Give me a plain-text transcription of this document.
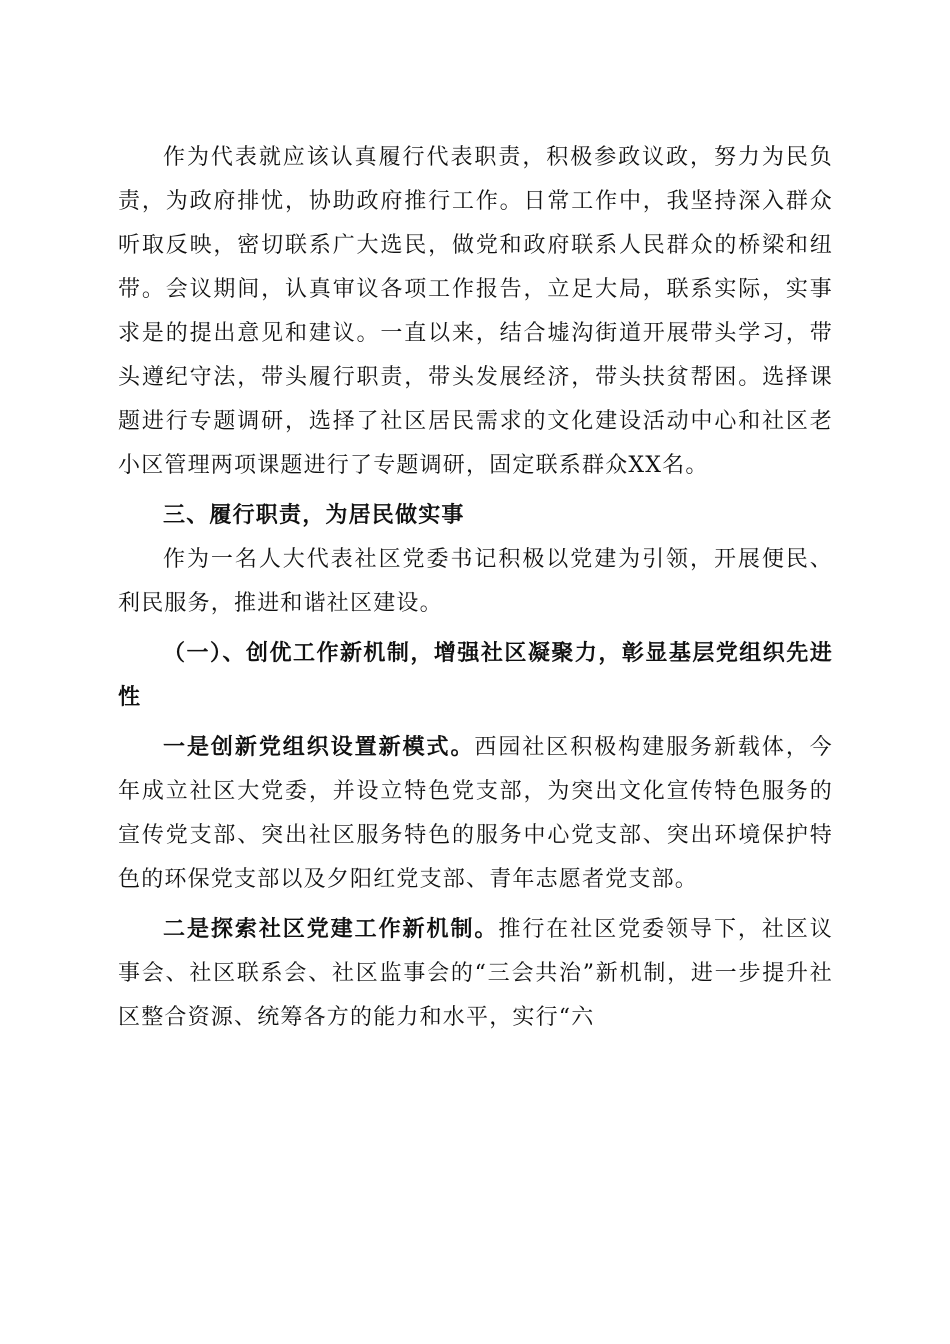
作为代表就应该认真履行代表职责，积极参政议政，努力为民负责，为政府排忧，协助政府推行工作。日常工作中，我坚持深入群众听取反映，密切联系广大选民，做党和政府联系人民群众的桥梁和纽带。会议期间，认真审议各项工作报告，立足大局，联系实际，实事求是的提出意见和建议。一直以来，结合墟沟街道开展带头学习，带头遵纪守法，带头履行职责，带头发展经济，带头扶贫帮困。选择课题进行专题调研，选择了社区居民需求的文化建设活动中心和社区老小区管理两项课题进行了专题调研，固定联系群众XX名。

三、履行职责，为居民做实事

作为一名人大代表社区党委书记积极以党建为引领，开展便民、利民服务，推进和谐社区建设。

（一）、创优工作新机制，增强社区凝聚力，彰显基层党组织先进性

一是创新党组织设置新模式。西园社区积极构建服务新载体，今年成立社区大党委，并设立特色党支部，为突出文化宣传特色服务的宣传党支部、突出社区服务特色的服务中心党支部、突出环境保护特色的环保党支部以及夕阳红党支部、青年志愿者党支部。

二是探索社区党建工作新机制。推行在社区党委领导下，社区议事会、社区联系会、社区监事会的“三会共治”新机制，进一步提升社区整合资源、统筹各方的能力和水平，实行“六
